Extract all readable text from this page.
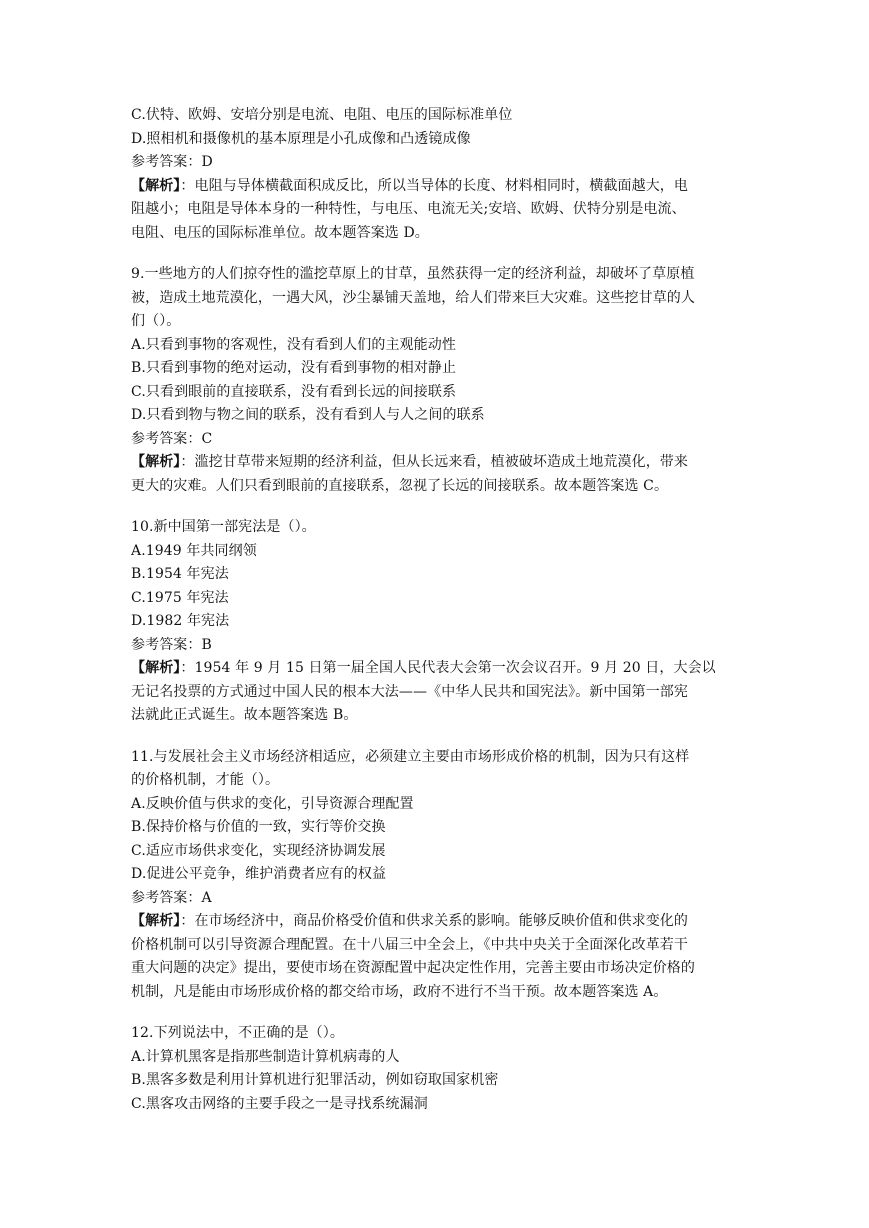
C.伏特、欧姆、安培分别是电流、电阻、电压的国际标准单位
D.照相机和摄像机的基本原理是小孔成像和凸透镜成像
参考答案：D
【解析】：电阻与导体横截面积成反比，所以当导体的长度、材料相同时，横截面越大，电
阻越小；电阻是导体本身的一种特性，与电压、电流无关;安培、欧姆、伏特分别是电流、
电阻、电压的国际标准单位。故本题答案选 D。
9.一些地方的人们掠夺性的滥挖草原上的甘草，虽然获得一定的经济利益，却破坏了草原植
被，造成土地荒漠化，一遇大风，沙尘暴铺天盖地，给人们带来巨大灾难。这些挖甘草的人
们（）。
A.只看到事物的客观性，没有看到人们的主观能动性
B.只看到事物的绝对运动，没有看到事物的相对静止
C.只看到眼前的直接联系，没有看到长远的间接联系
D.只看到物与物之间的联系，没有看到人与人之间的联系
参考答案：C
【解析】：滥挖甘草带来短期的经济利益，但从长远来看，植被破坏造成土地荒漠化，带来
更大的灾难。人们只看到眼前的直接联系，忽视了长远的间接联系。故本题答案选 C。
10.新中国第一部宪法是（）。
A.1949 年共同纲领
B.1954 年宪法
C.1975 年宪法
D.1982 年宪法
参考答案：B
【解析】：1954 年 9 月 15 日第一届全国人民代表大会第一次会议召开。9 月 20 日，大会以
无记名投票的方式通过中国人民的根本大法——《中华人民共和国宪法》。新中国第一部宪
法就此正式诞生。故本题答案选 B。
11.与发展社会主义市场经济相适应，必须建立主要由市场形成价格的机制，因为只有这样
的价格机制，才能（）。
A.反映价值与供求的变化，引导资源合理配置
B.保持价格与价值的一致，实行等价交换
C.适应市场供求变化，实现经济协调发展
D.促进公平竞争，维护消费者应有的权益
参考答案：A
【解析】：在市场经济中，商品价格受价值和供求关系的影响。能够反映价值和供求变化的
价格机制可以引导资源合理配置。在十八届三中全会上，《中共中央关于全面深化改革若干
重大问题的决定》提出，要使市场在资源配置中起决定性作用，完善主要由市场决定价格的
机制，凡是能由市场形成价格的都交给市场，政府不进行不当干预。故本题答案选 A。
12.下列说法中，不正确的是（）。
A.计算机黑客是指那些制造计算机病毒的人
B.黑客多数是利用计算机进行犯罪活动，例如窃取国家机密
C.黑客攻击网络的主要手段之一是寻找系统漏洞
